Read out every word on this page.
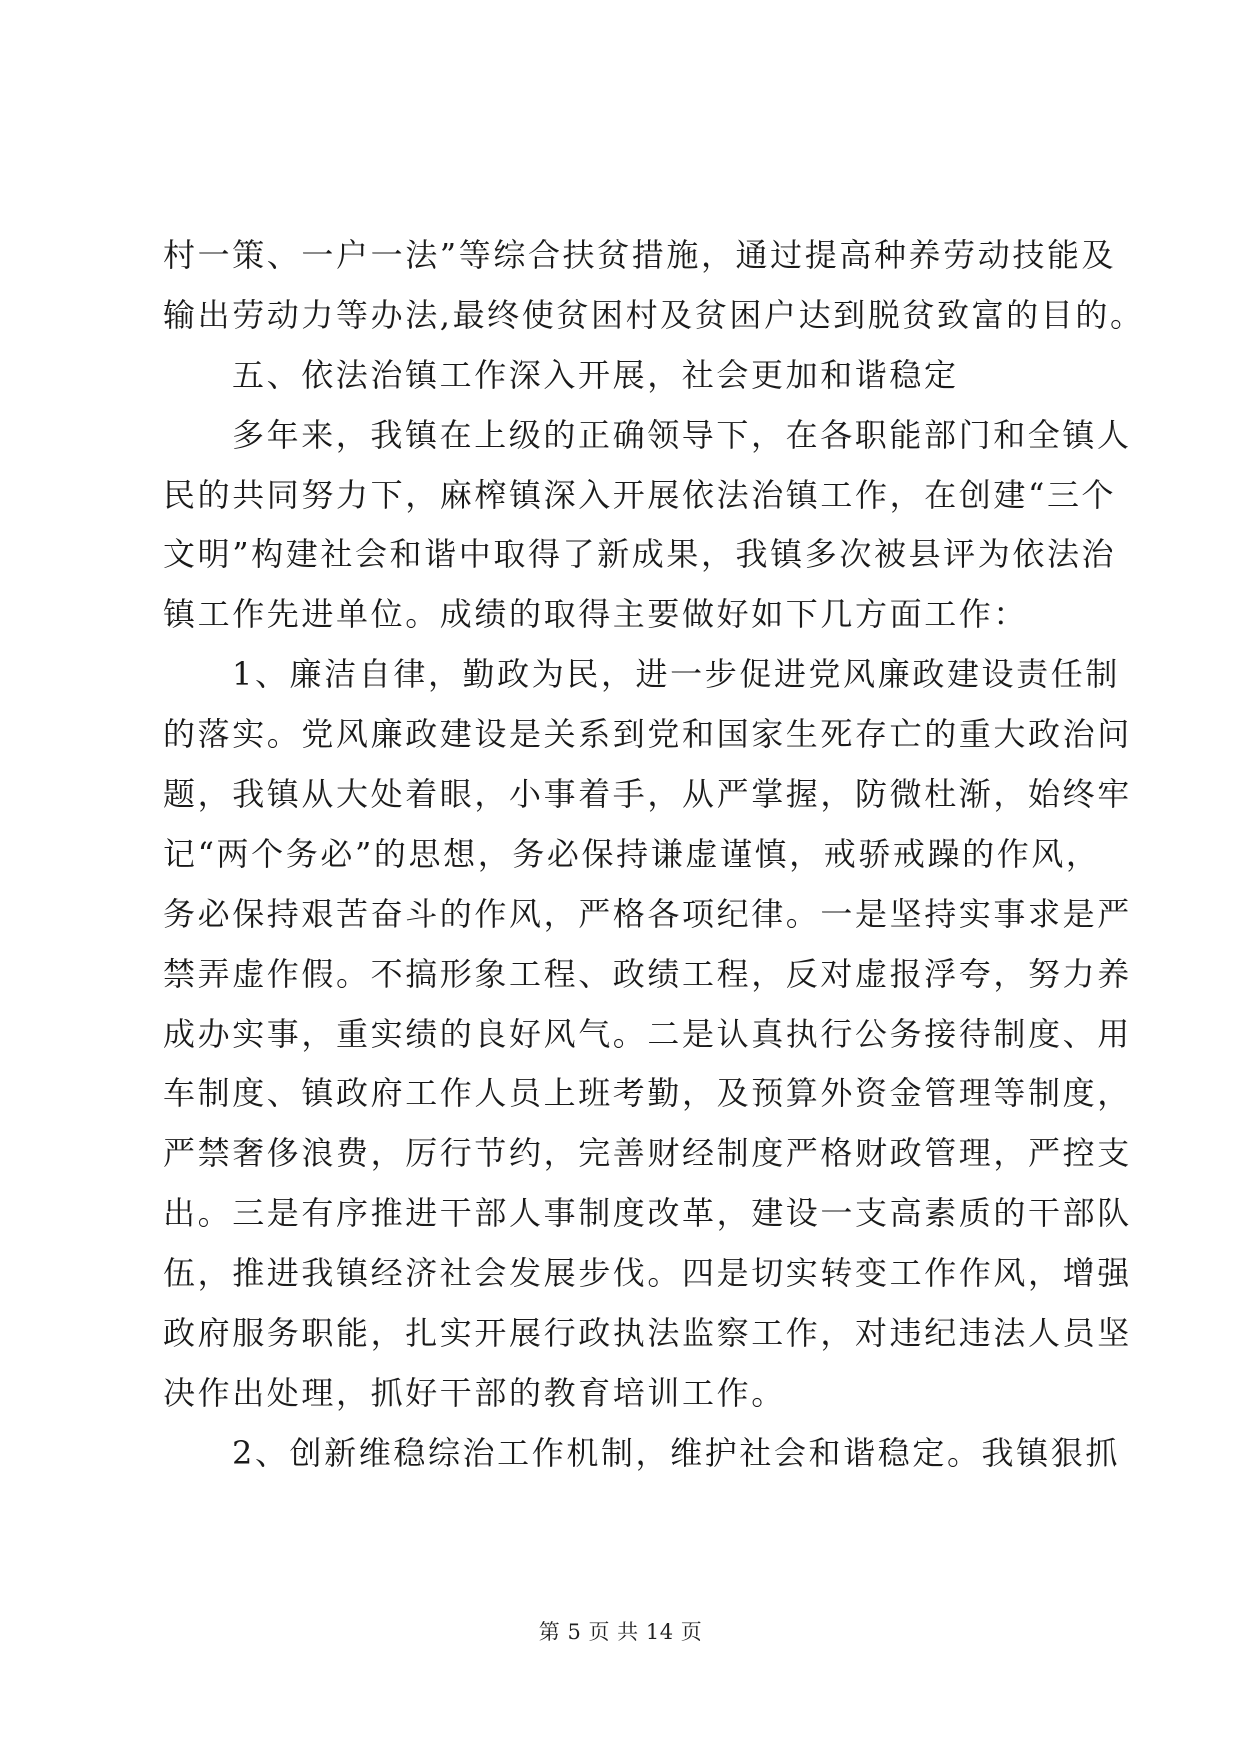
村一策、一户一法”等综合扶贫措施，通过提高种养劳动技能及
输出劳动力等办法,最终使贫困村及贫困户达到脱贫致富的目的。
五、依法治镇工作深入开展，社会更加和谐稳定
多年来，我镇在上级的正确领导下，在各职能部门和全镇人
民的共同努力下，麻榨镇深入开展依法治镇工作，在创建“三个
文明”构建社会和谐中取得了新成果，我镇多次被县评为依法治
镇工作先进单位。成绩的取得主要做好如下几方面工作：
1、廉洁自律，勤政为民，进一步促进党风廉政建设责任制
的落实。党风廉政建设是关系到党和国家生死存亡的重大政治问
题，我镇从大处着眼，小事着手，从严掌握，防微杜渐，始终牢
记“两个务必”的思想，务必保持谦虚谨慎，戒骄戒躁的作风，
务必保持艰苦奋斗的作风，严格各项纪律。一是坚持实事求是严
禁弄虚作假。不搞形象工程、政绩工程，反对虚报浮夸，努力养
成办实事，重实绩的良好风气。二是认真执行公务接待制度、用
车制度、镇政府工作人员上班考勤，及预算外资金管理等制度，
严禁奢侈浪费，厉行节约，完善财经制度严格财政管理，严控支
出。三是有序推进干部人事制度改革，建设一支高素质的干部队
伍，推进我镇经济社会发展步伐。四是切实转变工作作风，增强
政府服务职能，扎实开展行政执法监察工作，对违纪违法人员坚
决作出处理，抓好干部的教育培训工作。
2、创新维稳综治工作机制，维护社会和谐稳定。我镇狠抓
第 5 页 共 14 页
